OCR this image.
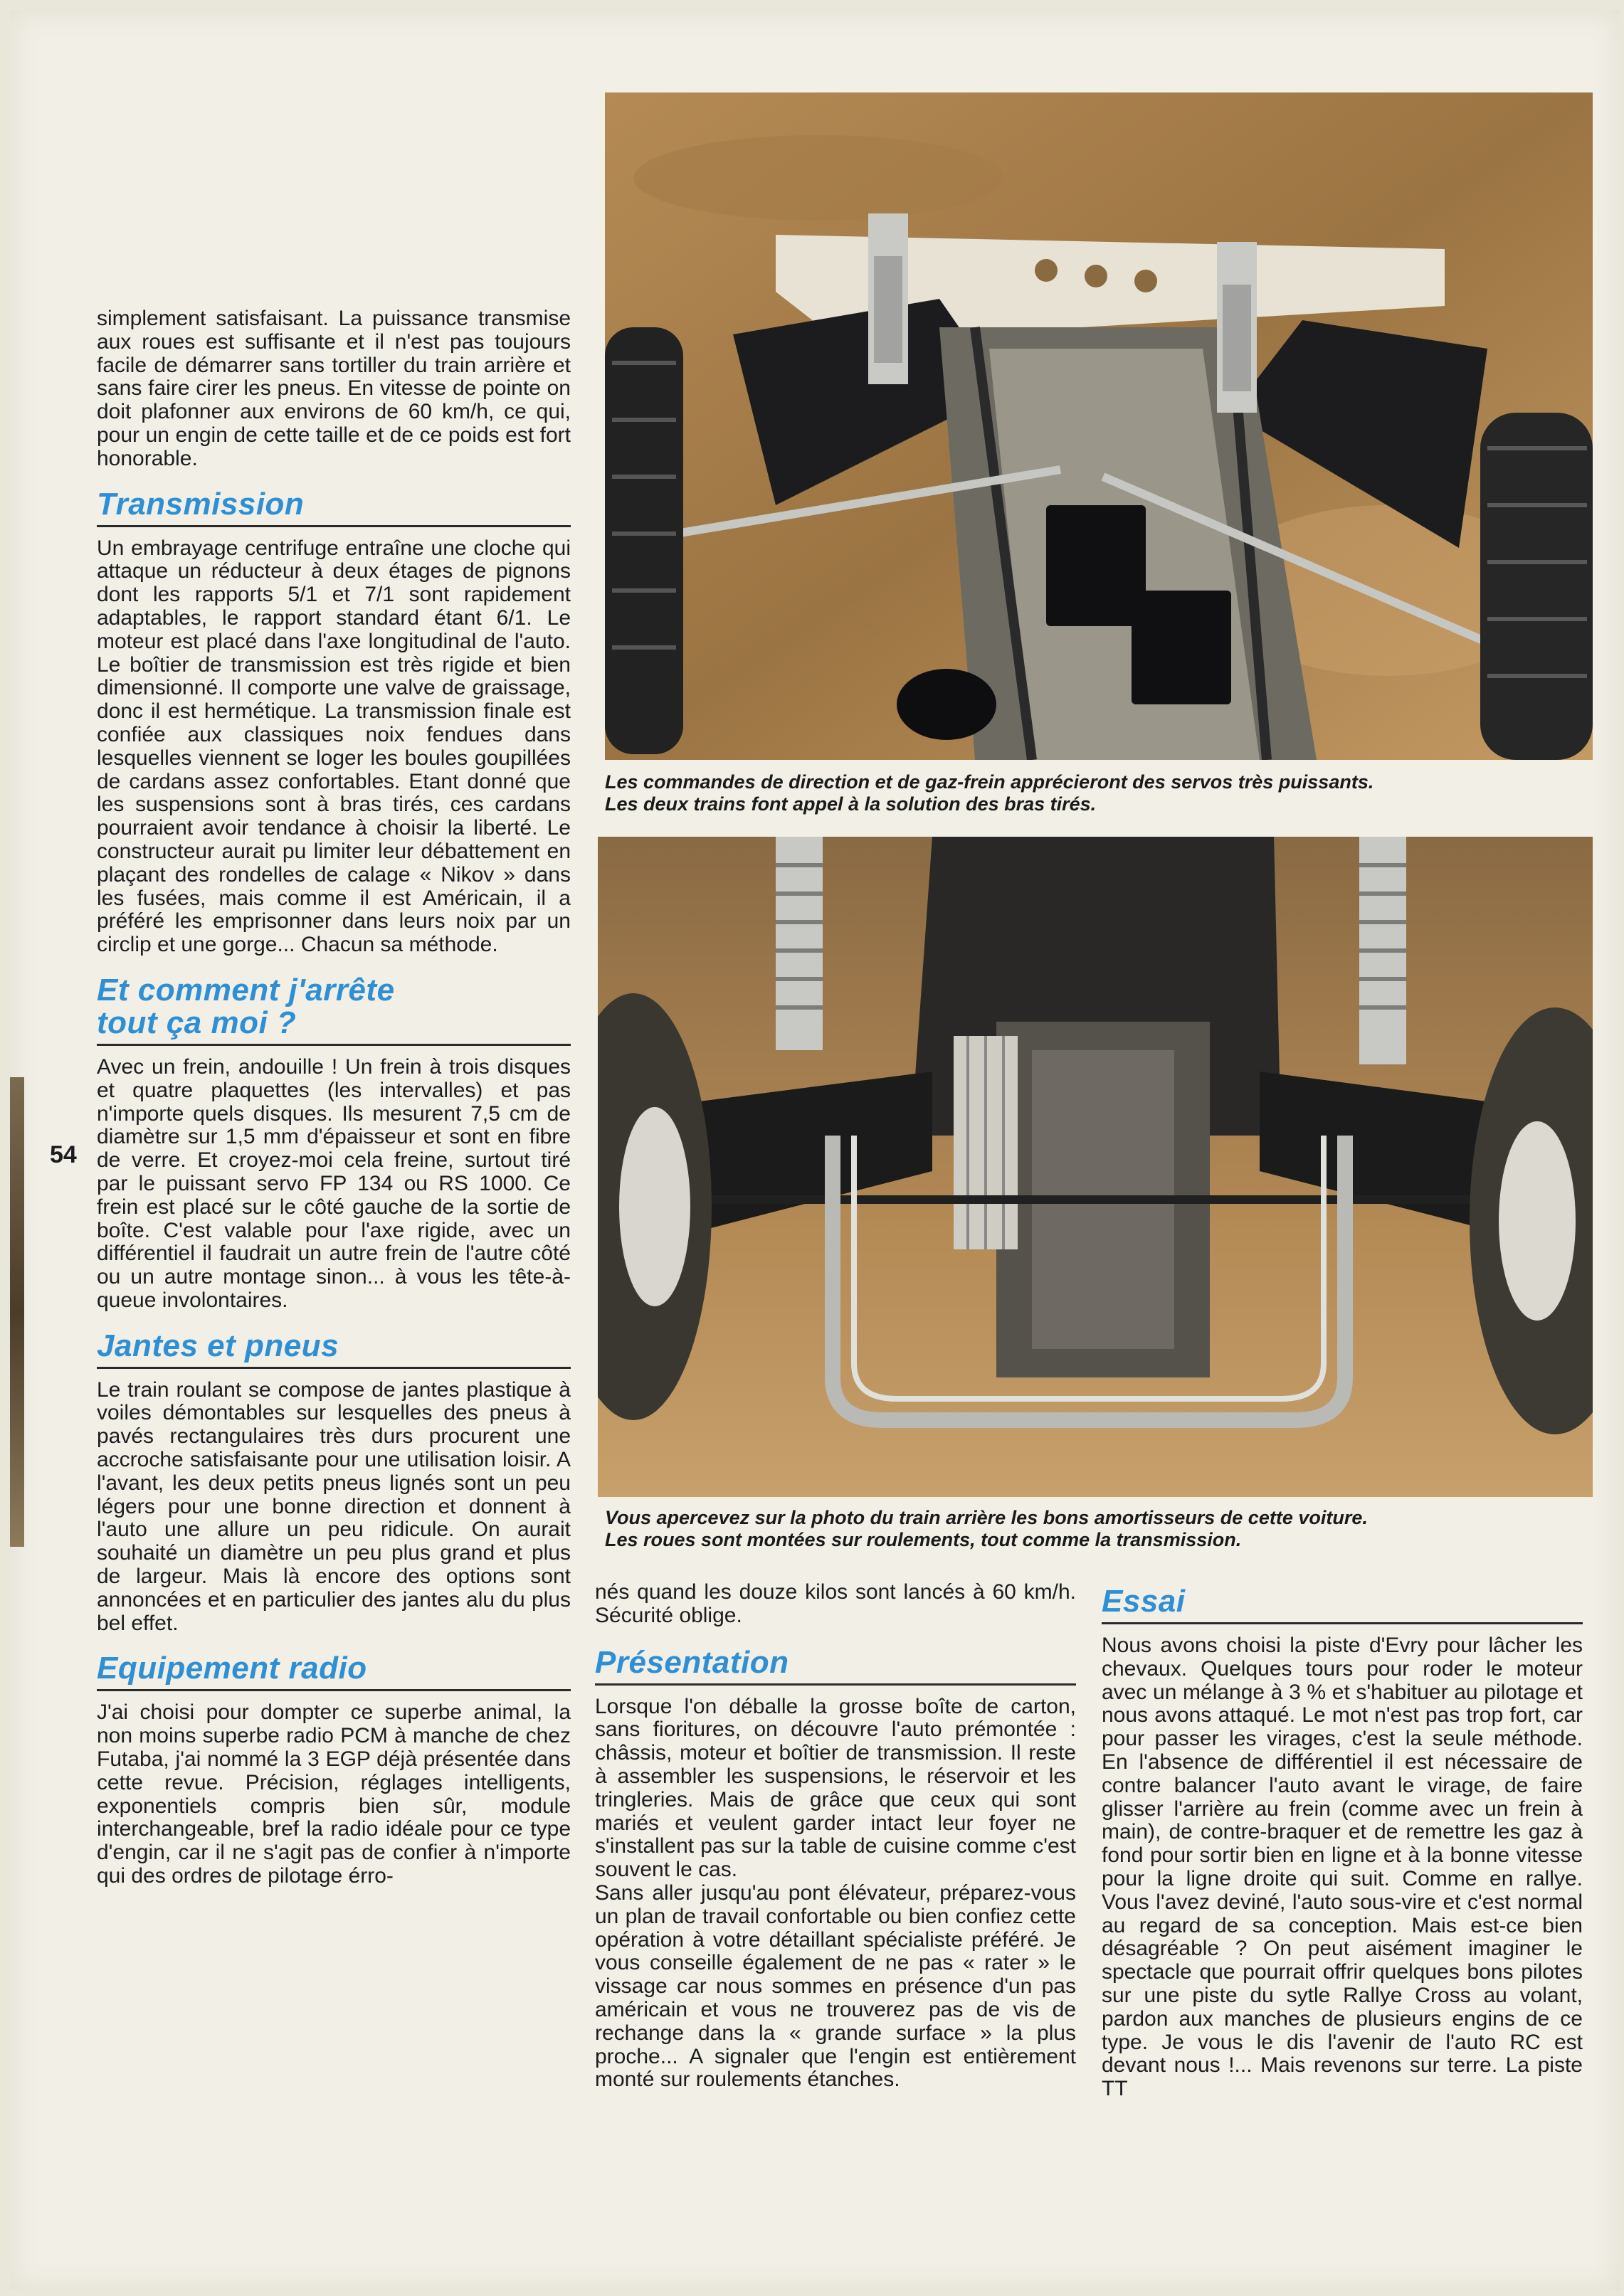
54

simplement satisfaisant. La puissance transmise aux roues est suffisante et il n'est pas toujours facile de démarrer sans tortiller du train arrière et sans faire cirer les pneus. En vitesse de pointe on doit plafonner aux environs de 60 km/h, ce qui, pour un engin de cette taille et de ce poids est fort honorable.

Transmission

Un embrayage centrifuge entraîne une cloche qui attaque un réducteur à deux étages de pignons dont les rapports 5/1 et 7/1 sont rapidement adaptables, le rapport standard étant 6/1. Le moteur est placé dans l'axe longitudinal de l'auto. Le boîtier de transmission est très rigide et bien dimensionné. Il comporte une valve de graissage, donc il est hermétique. La transmission finale est confiée aux classiques noix fendues dans lesquelles viennent se loger les boules goupillées de cardans assez confortables. Etant donné que les suspensions sont à bras tirés, ces cardans pourraient avoir tendance à choisir la liberté. Le constructeur aurait pu limiter leur débattement en plaçant des rondelles de calage « Nikov » dans les fusées, mais comme il est Américain, il a préféré les emprisonner dans leurs noix par un circlip et une gorge... Chacun sa méthode.

Et comment j'arrête
tout ça moi ?

Avec un frein, andouille ! Un frein à trois disques et quatre plaquettes (les intervalles) et pas n'importe quels disques. Ils mesurent 7,5 cm de diamètre sur 1,5 mm d'épaisseur et sont en fibre de verre. Et croyez-moi cela freine, surtout tiré par le puissant servo FP 134 ou RS 1000. Ce frein est placé sur le côté gauche de la sortie de boîte. C'est valable pour l'axe rigide, avec un différentiel il faudrait un autre frein de l'autre côté ou un autre montage sinon... à vous les tête-à-queue involontaires.

Jantes et pneus

Le train roulant se compose de jantes plastique à voiles démontables sur lesquelles des pneus à pavés rectangulaires très durs procurent une accroche satisfaisante pour une utilisation loisir. A l'avant, les deux petits pneus lignés sont un peu légers pour une bonne direction et donnent à l'auto une allure un peu ridicule. On aurait souhaité un diamètre un peu plus grand et plus de largeur. Mais là encore des options sont annoncées et en particulier des jantes alu du plus bel effet.

Equipement radio

J'ai choisi pour dompter ce superbe animal, la non moins superbe radio PCM à manche de chez Futaba, j'ai nommé la 3 EGP déjà présentée dans cette revue. Précision, réglages intelligents, exponentiels compris bien sûr, module interchangeable, bref la radio idéale pour ce type d'engin, car il ne s'agit pas de confier à n'importe qui des ordres de pilotage érro-

Les commandes de direction et de gaz-frein apprécieront des servos très puissants.
Les deux trains font appel à la solution des bras tirés.
Vous apercevez sur la photo du train arrière les bons amortisseurs de cette voiture.
Les roues sont montées sur roulements, tout comme la transmission.

nés quand les douze kilos sont lancés à 60 km/h. Sécurité oblige.

Présentation

Lorsque l'on déballe la grosse boîte de carton, sans fioritures, on découvre l'auto prémontée : châssis, moteur et boîtier de transmission. Il reste à assembler les suspensions, le réservoir et les tringleries. Mais de grâce que ceux qui sont mariés et veulent garder intact leur foyer ne s'installent pas sur la table de cuisine comme c'est souvent le cas.

Sans aller jusqu'au pont élévateur, préparez-vous un plan de travail confortable ou bien confiez cette opération à votre détaillant spécialiste préféré. Je vous conseille également de ne pas « rater » le vissage car nous sommes en présence d'un pas américain et vous ne trouverez pas de vis de rechange dans la « grande surface » la plus proche... A signaler que l'engin est entièrement monté sur roulements étanches.

Essai

Nous avons choisi la piste d'Evry pour lâcher les chevaux. Quelques tours pour roder le moteur avec un mélange à 3 % et s'habituer au pilotage et nous avons attaqué. Le mot n'est pas trop fort, car pour passer les virages, c'est la seule méthode. En l'absence de différentiel il est nécessaire de contre balancer l'auto avant le virage, de faire glisser l'arrière au frein (comme avec un frein à main), de contre-braquer et de remettre les gaz à fond pour sortir bien en ligne et à la bonne vitesse pour la ligne droite qui suit. Comme en rallye. Vous l'avez deviné, l'auto sous-vire et c'est normal au regard de sa conception. Mais est-ce bien désagréable ? On peut aisément imaginer le spectacle que pourrait offrir quelques bons pilotes sur une piste du sytle Rallye Cross au volant, pardon aux manches de plusieurs engins de ce type. Je vous le dis l'avenir de l'auto RC est devant nous !... Mais revenons sur terre. La piste TT
